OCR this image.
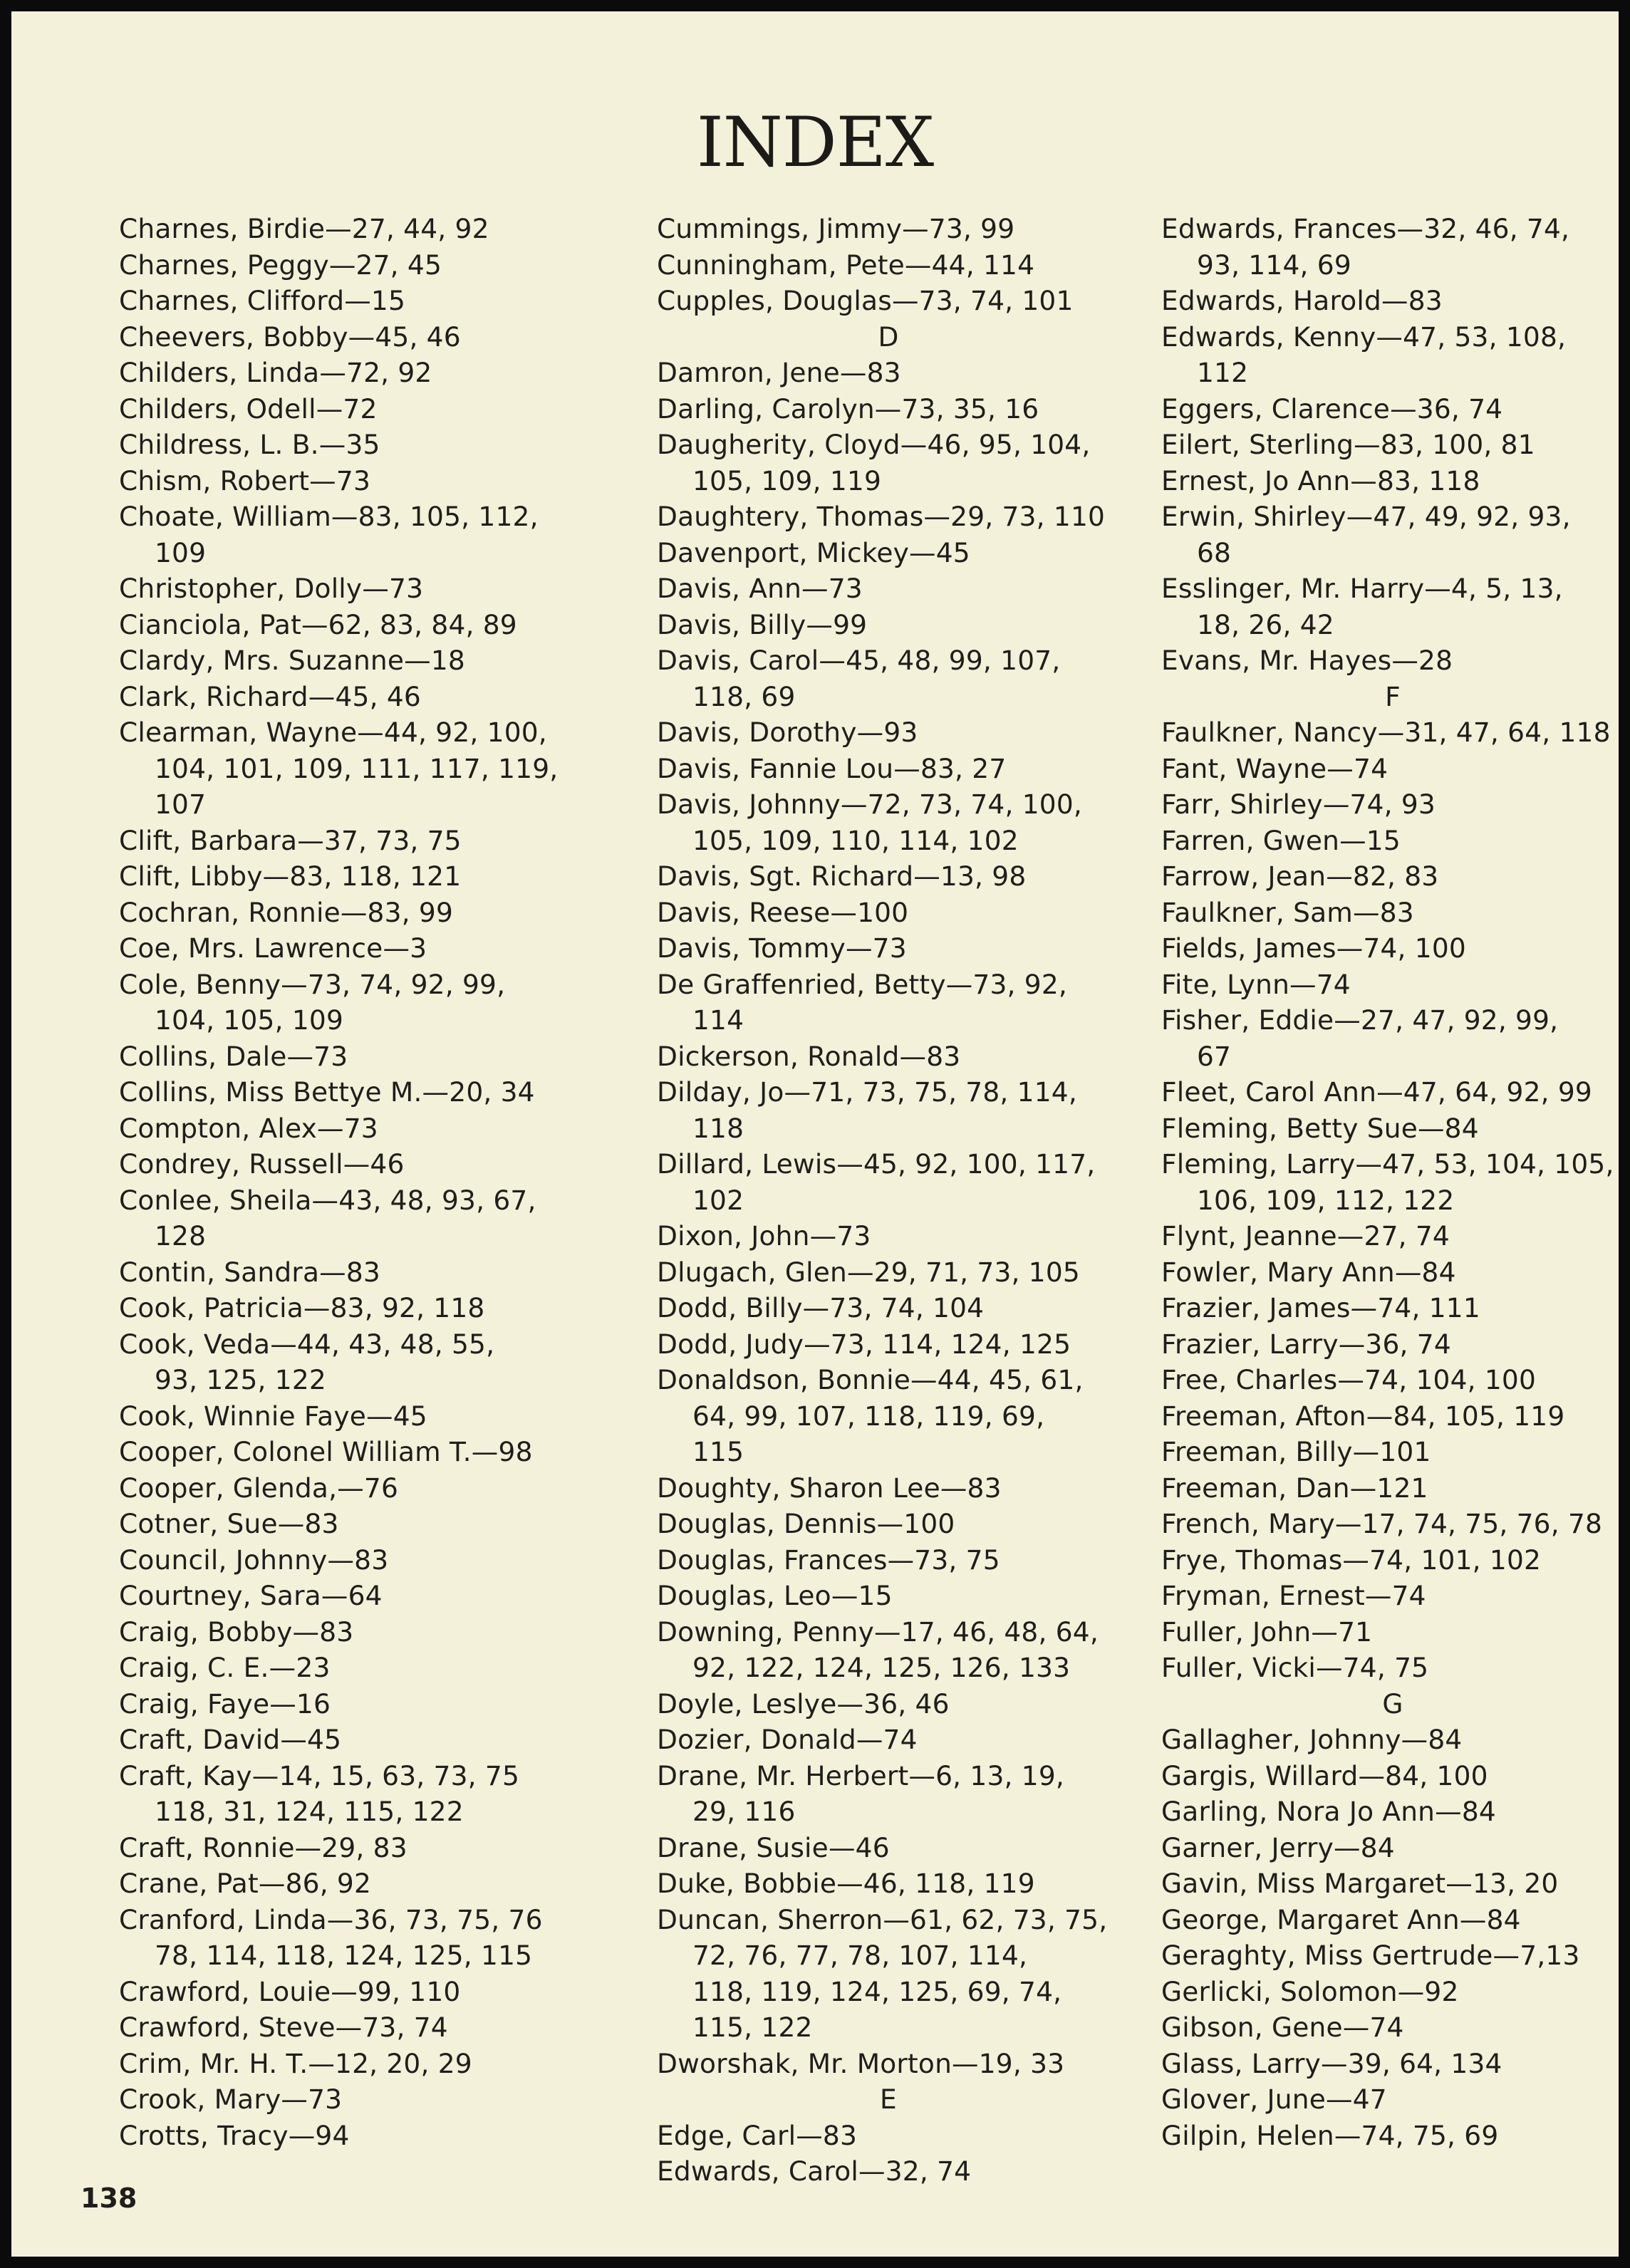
INDEX
Charnes, Birdie—27, 44, 92
Charnes, Peggy—27, 45
Charnes, Clifford—15
Cheevers, Bobby—45, 46
Childers, Linda—72, 92
Childers, Odell—72
Childress, L. B.—35
Chism, Robert—73
Choate, William—83, 105, 112,
109
Christopher, Dolly—73
Cianciola, Pat—62, 83, 84, 89
Clardy, Mrs. Suzanne—18
Clark, Richard—45, 46
Clearman, Wayne—44, 92, 100,
104, 101, 109, 111, 117, 119,
107
Clift, Barbara—37, 73, 75
Clift, Libby—83, 118, 121
Cochran, Ronnie—83, 99
Coe, Mrs. Lawrence—3
Cole, Benny—73, 74, 92, 99,
104, 105, 109
Collins, Dale—73
Collins, Miss Bettye M.—20, 34
Compton, Alex—73
Condrey, Russell—46
Conlee, Sheila—43, 48, 93, 67,
128
Contin, Sandra—83
Cook, Patricia—83, 92, 118
Cook, Veda—44, 43, 48, 55,
93, 125, 122
Cook, Winnie Faye—45
Cooper, Colonel William T.—98
Cooper, Glenda,—76
Cotner, Sue—83
Council, Johnny—83
Courtney, Sara—64
Craig, Bobby—83
Craig, C. E.—23
Craig, Faye—16
Craft, David—45
Craft, Kay—14, 15, 63, 73, 75
118, 31, 124, 115, 122
Craft, Ronnie—29, 83
Crane, Pat—86, 92
Cranford, Linda—36, 73, 75, 76
78, 114, 118, 124, 125, 115
Crawford, Louie—99, 110
Crawford, Steve—73, 74
Crim, Mr. H. T.—12, 20, 29
Crook, Mary—73
Crotts, Tracy—94
Cummings, Jimmy—73, 99
Cunningham, Pete—44, 114
Cupples, Douglas—73, 74, 101
D
Damron, Jene—83
Darling, Carolyn—73, 35, 16
Daugherity, Cloyd—46, 95, 104,
105, 109, 119
Daughtery, Thomas—29, 73, 110
Davenport, Mickey—45
Davis, Ann—73
Davis, Billy—99
Davis, Carol—45, 48, 99, 107,
118, 69
Davis, Dorothy—93
Davis, Fannie Lou—83, 27
Davis, Johnny—72, 73, 74, 100,
105, 109, 110, 114, 102
Davis, Sgt. Richard—13, 98
Davis, Reese—100
Davis, Tommy—73
De Graffenried, Betty—73, 92,
114
Dickerson, Ronald—83
Dilday, Jo—71, 73, 75, 78, 114,
118
Dillard, Lewis—45, 92, 100, 117,
102
Dixon, John—73
Dlugach, Glen—29, 71, 73, 105
Dodd, Billy—73, 74, 104
Dodd, Judy—73, 114, 124, 125
Donaldson, Bonnie—44, 45, 61,
64, 99, 107, 118, 119, 69,
115
Doughty, Sharon Lee—83
Douglas, Dennis—100
Douglas, Frances—73, 75
Douglas, Leo—15
Downing, Penny—17, 46, 48, 64,
92, 122, 124, 125, 126, 133
Doyle, Leslye—36, 46
Dozier, Donald—74
Drane, Mr. Herbert—6, 13, 19,
29, 116
Drane, Susie—46
Duke, Bobbie—46, 118, 119
Duncan, Sherron—61, 62, 73, 75,
72, 76, 77, 78, 107, 114,
118, 119, 124, 125, 69, 74,
115, 122
Dworshak, Mr. Morton—19, 33
E
Edge, Carl—83
Edwards, Carol—32, 74
Edwards, Frances—32, 46, 74,
93, 114, 69
Edwards, Harold—83
Edwards, Kenny—47, 53, 108,
112
Eggers, Clarence—36, 74
Eilert, Sterling—83, 100, 81
Ernest, Jo Ann—83, 118
Erwin, Shirley—47, 49, 92, 93,
68
Esslinger, Mr. Harry—4, 5, 13,
18, 26, 42
Evans, Mr. Hayes—28
F
Faulkner, Nancy—31, 47, 64, 118
Fant, Wayne—74
Farr, Shirley—74, 93
Farren, Gwen—15
Farrow, Jean—82, 83
Faulkner, Sam—83
Fields, James—74, 100
Fite, Lynn—74
Fisher, Eddie—27, 47, 92, 99,
67
Fleet, Carol Ann—47, 64, 92, 99
Fleming, Betty Sue—84
Fleming, Larry—47, 53, 104, 105,
106, 109, 112, 122
Flynt, Jeanne—27, 74
Fowler, Mary Ann—84
Frazier, James—74, 111
Frazier, Larry—36, 74
Free, Charles—74, 104, 100
Freeman, Afton—84, 105, 119
Freeman, Billy—101
Freeman, Dan—121
French, Mary—17, 74, 75, 76, 78
Frye, Thomas—74, 101, 102
Fryman, Ernest—74
Fuller, John—71
Fuller, Vicki—74, 75
G
Gallagher, Johnny—84
Gargis, Willard—84, 100
Garling, Nora Jo Ann—84
Garner, Jerry—84
Gavin, Miss Margaret—13, 20
George, Margaret Ann—84
Geraghty, Miss Gertrude—7,13
Gerlicki, Solomon—92
Gibson, Gene—74
Glass, Larry—39, 64, 134
Glover, June—47
Gilpin, Helen—74, 75, 69
138
